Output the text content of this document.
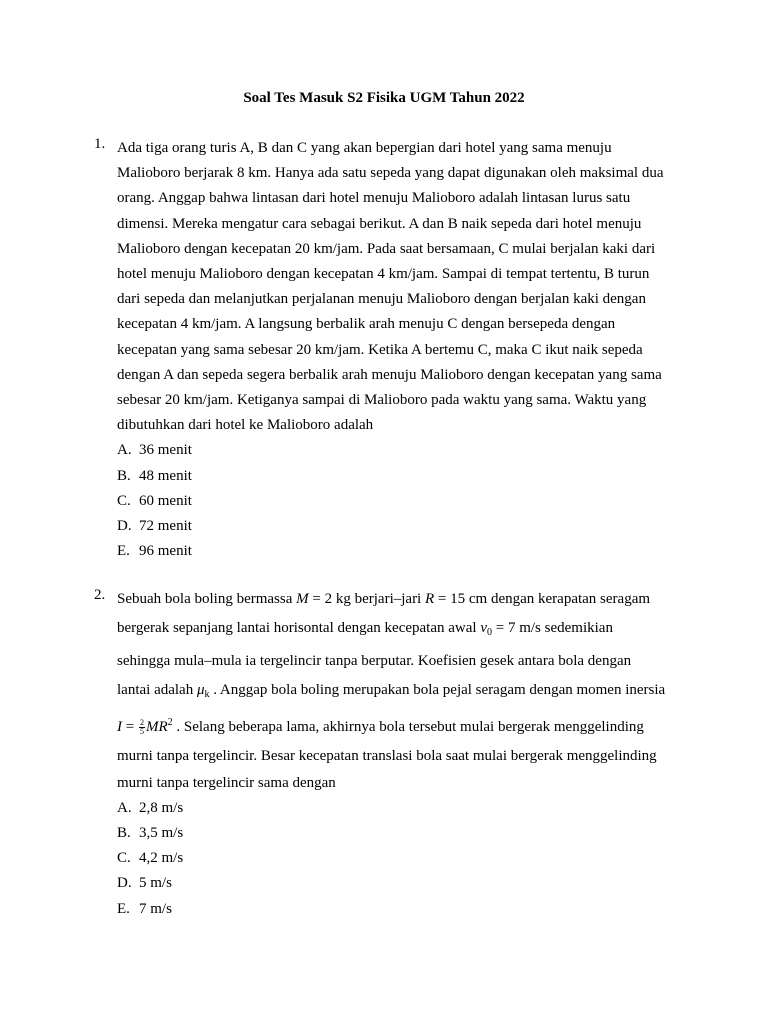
Soal Tes Masuk S2 Fisika UGM Tahun 2022
1. Ada tiga orang turis A, B dan C yang akan bepergian dari hotel yang sama menuju

Malioboro berjarak 8 km. Hanya ada satu sepeda yang dapat digunakan oleh maksimal dua

orang. Anggap bahwa lintasan dari hotel menuju Malioboro adalah lintasan lurus satu

dimensi. Mereka mengatur cara sebagai berikut. A dan B naik sepeda dari hotel menuju

Malioboro dengan kecepatan 20 km/jam. Pada saat bersamaan, C mulai berjalan kaki dari

hotel menuju Malioboro dengan kecepatan 4 km/jam. Sampai di tempat tertentu, B turun

dari sepeda dan melanjutkan perjalanan menuju Malioboro dengan berjalan kaki dengan

kecepatan 4 km/jam. A langsung berbalik arah menuju C dengan bersepeda dengan

kecepatan yang sama sebesar 20 km/jam. Ketika A bertemu C, maka C ikut naik sepeda

dengan A dan sepeda segera berbalik arah menuju Malioboro dengan kecepatan yang sama

sebesar 20 km/jam. Ketiganya sampai di Malioboro pada waktu yang sama. Waktu yang

dibutuhkan dari hotel ke Malioboro adalah

A. 36 menit
B. 48 menit
C. 60 menit
D. 72 menit
E. 96 menit
2. Sebuah bola boling bermassa M = 2 kg berjari–jari R = 15 cm dengan kerapatan seragam

bergerak sepanjang lantai horisontal dengan kecepatan awal $v_0 = 7$ m/s sedemikian

sehingga mula–mula ia tergelincir tanpa berputar. Koefisien gesek antara bola dengan

lantai adalah $\mu_k$ . Anggap bola boling merupakan bola pejal seragam dengan momen inersia

$I = \frac{2}{5} MR^2$ . Selang beberapa lama, akhirnya bola tersebut mulai bergerak menggelinding

murni tanpa tergelincir. Besar kecepatan translasi bola saat mulai bergerak menggelinding

murni tanpa tergelincir sama dengan

A. 2,8 m/s
B. 3,5 m/s
C. 4,2 m/s
D. 5 m/s
E. 7 m/s
